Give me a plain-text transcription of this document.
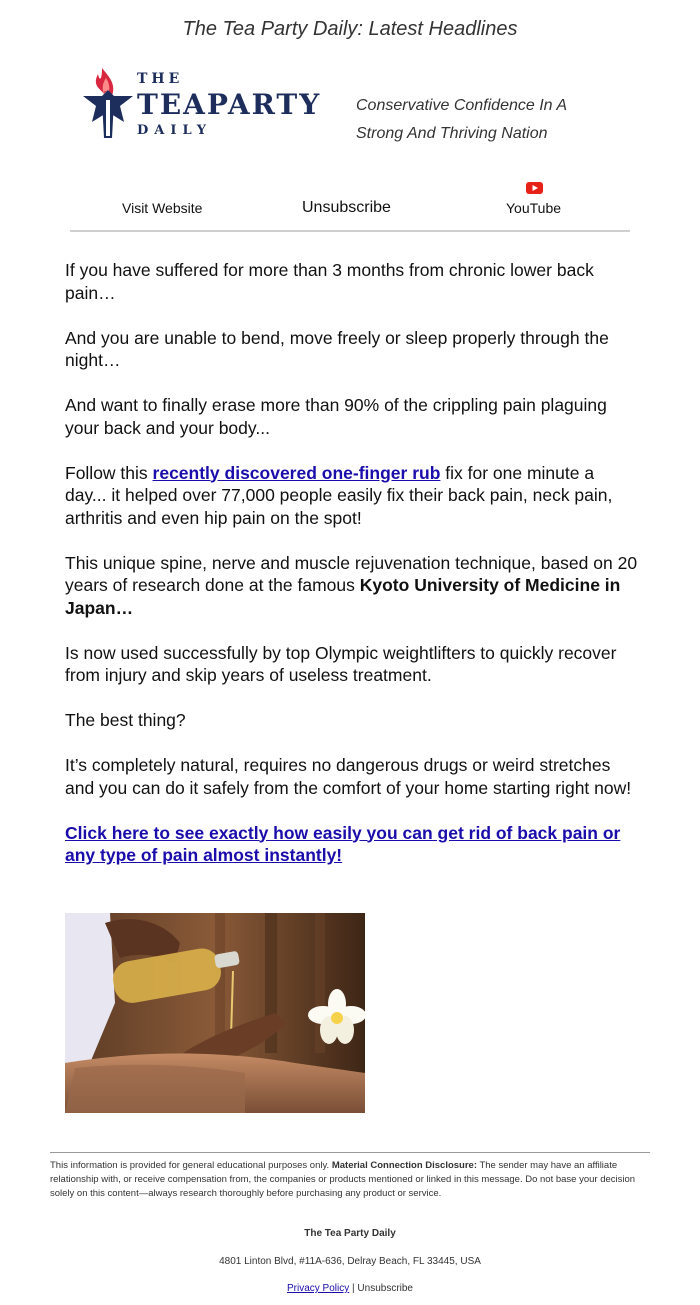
The Tea Party Daily: Latest Headlines
THE
TEAPARTY
DAILY
Conservative Confidence In A
Strong And Thriving Nation
Visit Website	Unsubscribe	YouTube

If you have suffered for more than 3 months from chronic lower back pain…

And you are unable to bend, move freely or sleep properly through the night…

And want to finally erase more than 90% of the crippling pain plaguing your back and your body...

Follow this recently discovered one-finger rub fix for one minute a day... it helped over 77,000 people easily fix their back pain, neck pain, arthritis and even hip pain on the spot!

This unique spine, nerve and muscle rejuvenation technique, based on 20 years of research done at the famous Kyoto University of Medicine in Japan…

Is now used successfully by top Olympic weightlifters to quickly recover from injury and skip years of useless treatment.

The best thing?

It’s completely natural, requires no dangerous drugs or weird stretches and you can do it safely from the comfort of your home starting right now!

Click here to see exactly how easily you can get rid of back pain or any type of pain almost instantly!

This information is provided for general educational purposes only. Material Connection Disclosure: The sender may have an affiliate relationship with, or receive compensation from, the companies or products mentioned or linked in this message. Do not base your decision solely on this content—always research thoroughly before purchasing any product or service.
The Tea Party Daily
4801 Linton Blvd, #11A-636, Delray Beach, FL 33445, USA
Privacy Policy | Unsubscribe
